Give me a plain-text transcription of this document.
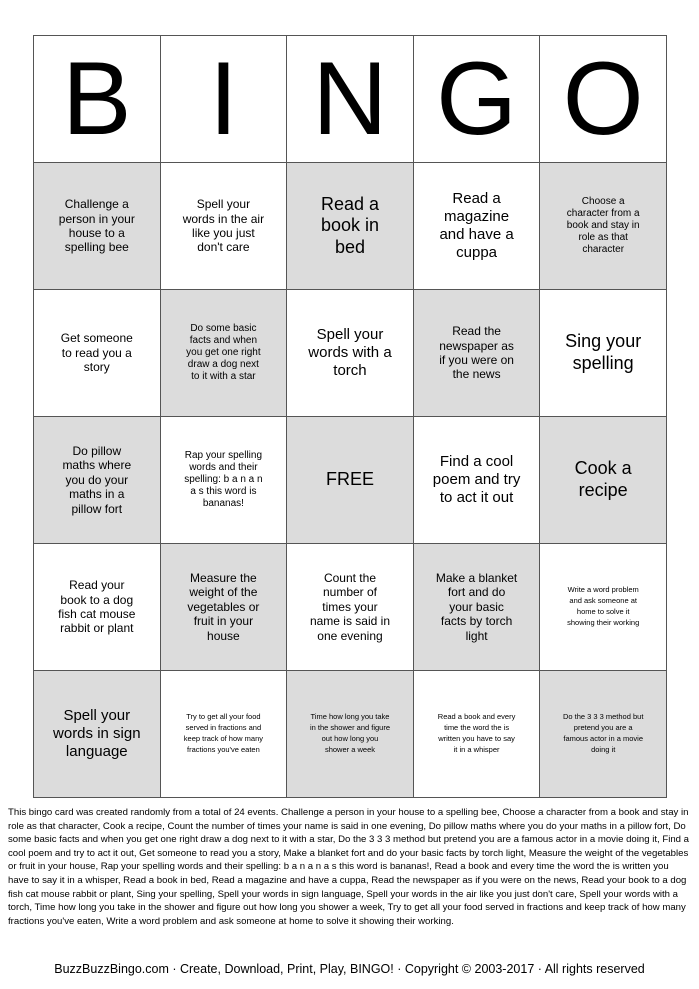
B	I	N	G	O
Challenge a person in your house to a spelling bee	Spell your words in the air like you just don't care	Read a book in bed	Read a magazine and have a cuppa	Choose a character from a book and stay in role as that character
Get someone to read you a story	Do some basic facts and when you get one right draw a dog next to it with a star	Spell your words with a torch	Read the newspaper as if you were on the news	Sing your spelling
Do pillow maths where you do your maths in a pillow fort	Rap your spelling words and their spelling: b a n a n a s this word is bananas!	FREE	Find a cool poem and try to act it out	Cook a recipe
Read your book to a dog fish cat mouse rabbit or plant	Measure the weight of the vegetables or fruit in your house	Count the number of times your name is said in one evening	Make a blanket fort and do your basic facts by torch light	Write a word problem and ask someone at home to solve it showing their working
Spell your words in sign language	Try to get all your food served in fractions and keep track of how many fractions you've eaten	Time how long you take in the shower and figure out how long you shower a week	Read a book and every time the word the is written you have to say it in a whisper	Do the 3 3 3 method but pretend you are a famous actor in a movie doing it

This bingo card was created randomly from a total of 24 events. Challenge a person in your house to a spelling bee, Choose a character from a book and stay in role as that character, Cook a recipe, Count the number of times your name is said in one evening, Do pillow maths where you do your maths in a pillow fort, Do some basic facts and when you get one right draw a dog next to it with a star, Do the 3 3 3 method but pretend you are a famous actor in a movie doing it, Find a cool poem and try to act it out, Get someone to read you a story, Make a blanket fort and do your basic facts by torch light, Measure the weight of the vegetables or fruit in your house, Rap your spelling words and their spelling: b a n a n a s this word is bananas!, Read a book and every time the word the is written you have to say it in a whisper, Read a book in bed, Read a magazine and have a cuppa, Read the newspaper as if you were on the news, Read your book to a dog fish cat mouse rabbit or plant, Sing your spelling, Spell your words in sign language, Spell your words in the air like you just don't care, Spell your words with a torch, Time how long you take in the shower and figure out how long you shower a week, Try to get all your food served in fractions and keep track of how many fractions you've eaten, Write a word problem and ask someone at home to solve it showing their working.

BuzzBuzzBingo.com · Create, Download, Print, Play, BINGO! · Copyright © 2003-2017 · All rights reserved
